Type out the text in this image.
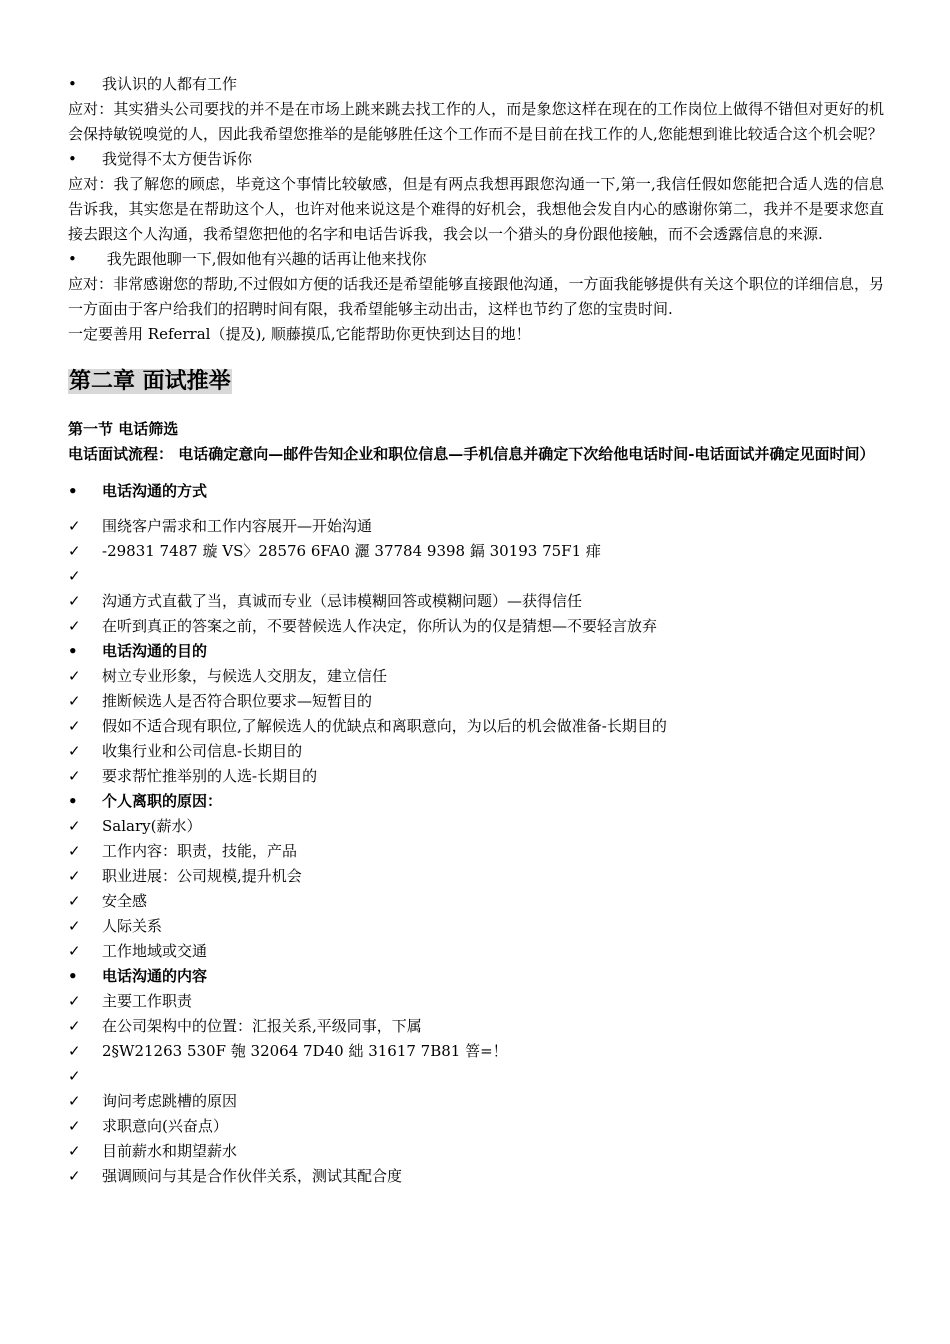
•	我认识的人都有工作
应对：其实猎头公司要找的并不是在市场上跳来跳去找工作的人，而是象您这样在现在的工作岗位上做得不错但对更好的机会保持敏锐嗅觉的人，因此我希望您推举的是能够胜任这个工作而不是目前在找工作的人,您能想到谁比较适合这个机会呢？
•	我觉得不太方便告诉你
应对：我了解您的顾虑，毕竟这个事情比较敏感，但是有两点我想再跟您沟通一下,第一,我信任假如您能把合适人选的信息告诉我，其实您是在帮助这个人，也许对他来说这是个难得的好机会，我想他会发自内心的感谢你第二，我并不是要求您直接去跟这个人沟通，我希望您把他的名字和电话告诉我，我会以一个猎头的身份跟他接触，而不会透露信息的来源.
•	我先跟他聊一下,假如他有兴趣的话再让他来找你
应对：非常感谢您的帮助,不过假如方便的话我还是希望能够直接跟他沟通，一方面我能够提供有关这个职位的详细信息，另一方面由于客户给我们的招聘时间有限，我希望能够主动出击，这样也节约了您的宝贵时间.
一定要善用 Referral（提及), 顺藤摸瓜,它能帮助你更快到达目的地！
第二章 面试推举
第一节 电话筛选
电话面试流程： 电话确定意向—邮件告知企业和职位信息—手机信息并确定下次给他电话时间-电话面试并确定见面时间）
•	电话沟通的方式
✓	围绕客户需求和工作内容展开—开始沟通
✓	-29831 7487 璇 VS〉28576 6FA0 灑 37784 9398 鎘 30193 75F1 痱
✓
✓	沟通方式直截了当，真诚而专业（忌讳模糊回答或模糊问题）—获得信任
✓	在听到真正的答案之前，不要替候选人作决定，你所认为的仅是猜想—不要轻言放弃
•	电话沟通的目的
✓	树立专业形象，与候选人交朋友，建立信任
✓	推断候选人是否符合职位要求—短暂目的
✓	假如不适合现有职位,了解候选人的优缺点和离职意向，为以后的机会做准备-长期目的
✓	收集行业和公司信息-长期目的
✓	要求帮忙推举别的人选-长期目的
•	个人离职的原因：
✓	Salary(薪水）
✓	工作内容：职责，技能，产品
✓	职业进展：公司规模,提升机会
✓	安全感
✓	人际关系
✓	工作地域或交通
•	电话沟通的内容
✓	主要工作职责
✓	在公司架构中的位置：汇报关系,平级同事，下属
✓	2§W21263 530F 匏 32064 7D40 絀 31617 7B81 箁=！
✓
✓	询问考虑跳槽的原因
✓	求职意向(兴奋点）
✓	目前薪水和期望薪水
✓	强调顾问与其是合作伙伴关系，测试其配合度
